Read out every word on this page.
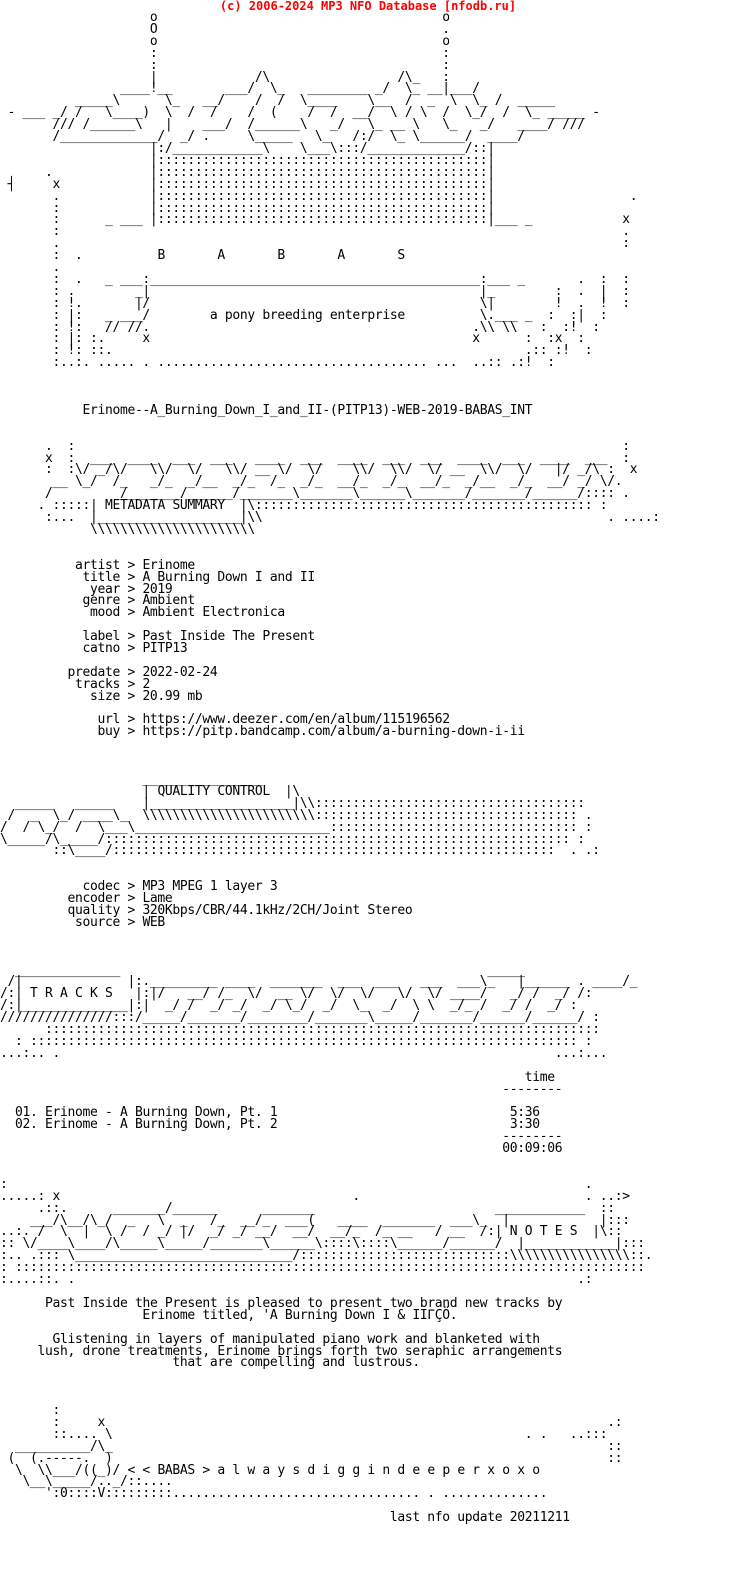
(c) 2006-2024 MP3 NFO Database [nfodb.ru]
o                                      o
O                                      .
o                                      o
:                                      :
:                                      :
|             /\                 /\_   :
____!__       ___/  \_   ________ _/  \_ __|___/
_____\      \_   __/    /  /  \____    \__  /  _  \  \_ /  _____
- ___ _/ /   \____)  \  /  /    /  (    /  /  __/  \ / \  /  \_/  /  \_ _____ -
/// /______\   |    ___/  /______\   _/   \_ __ \   \_   _/   ____/ ///
/_____________/  _/ .     \_____   \_   /:/  \_ \______/  ____/
|:/____________\    \___\:::/_____________/::|
|::::::::::::::::::::::::::::::::::::::::::::|
.             |::::::::::::::::::::::::::::::::::::::::::::|
┤     x            |::::::::::::::::::::::::::::::::::::::::::::|
.            |::::::::::::::::::::::::::::::::::::::::::::|                  .
:            |::::::::::::::::::::::::::::::::::::::::::::|
:      _ ___ |::::::::::::::::::::::::::::::::::::::::::::|___ _            x
:                                                                           .
.                                                                           :
:  .	B       A       B       A       S
.
:  .   _ ___:____________________________________________:___ _       .  :  :
: .        _|                                            |_        :  .  |  :
: !.       |/                                            \|        !  .  !  :
: |:   _ ___/	a pony breeding enterprise	\.___ _  :  :|  :
: !:   // //.                                           .\\ \\   :  :!  :
: |: :.     x                                           x      :  :x  :
: !: ::.                                                       .:: :!  :
:..:. ..... . .................................... ...  ..:: .:!  :

Erinome--A_Burning_Down_I_and_II-(PITP13)-WEB-2019-BABAS_INT

.  :                                                                         :
x  :  ___  ____  ___  ___   ____  ___  ____  ___  ___  ____  ___  ____  ___  :
:  :\/ _/\/   \\/  \/   \\/ __ \/  \/    \\/  \\/  \/ __  \\/  \/   |/ _/\ :  x
__ \_/  /_   _/_  _/__  _/_  /_  _/_  __/_  _/_  __/_  _/__  _/_  __/ _/ \/.
/         /_______/______/_______\_______\______\_______/_______/______/:::: .
. :::::| METADATA SUMMARY  |\::::::::::::::::::::::::::::::::::::::::::::: :
:...  |___________________|\\                                              . ....:
\\\\\\\\\\\\\\\\\\\\\\

artist > Erinome
title > A Burning Down I and II
year > 2019
genre > Ambient
mood > Ambient Electronica

label > Past Inside The Present
catno > PITP13

predate > 2022-02-24
tracks > 2
size > 20.99 mb

url > https://www.deezer.com/en/album/115196562
buy > https://pitp.bandcamp.com/album/a-burning-down-i-ii

________________
| QUALITY CONTROL  |\
_____   _____    |___________________|\\::::::::::::::::::::::::::::::::::::
/  _  \_/ ____\_  \\\\\\\\\\\\\\\\\\\\\\\::::::::::::::::::::::::::::::::::: .
/  / \_/  /  \___\__________________________::::::::::::::::::::::::::::::::: :
\_____/\_____/:::::::::::::::::::::::::::::::::::::::::::::::::::::::::::::: :
::\____/:::::::::::::::::::::::::::::::::::::::::::::::::::::::::::  . .:

codec > MP3 MPEG 1 layer 3
encoder > Lame
quality > 320Kbps/CBR/44.1kHz/2CH/Joint Stereo
source > WEB

______________                                                 _____
/|              |:._________ ____  _______  ___  ___   ___  ___\_   |______ . ____/_
/:| T R A C K S   |:|/   __/ /_  \/  __ \/  \/  \/   \/  \/ ____/   _/ /  _/ /:
/:|______________|:|  _/ /  _/ _/  _/ \_/  _/  \_  _/  \ \  _/_ /  _/ /  _/ :
///////////////:::/_____/_______/________/_______\_____/_______/______/______/ :
::::::::::::::::::::::::::::::::::::::::::::::::::::::::::::::::::::::::::
: ::::::::::::::::::::::::::::::::::::::::::::::::::::::::::::::::::::::::: :
...:.. .                                                                  ...:...

time
--------

01. Erinome - A Burning Down, Pt. 1	5:36
02. Erinome - A Burning Down, Pt. 2	3:30
--------
00:09:06

:                                                                             .
.....: x                                       .                              . ..:>
.::.      _______/______      _______                        ____________  ::
___/\__/\_/  _   \  _   /_  __/_  ___(   ____  _______  ___\_  |            |:::
..:. /  \  |  \ /  / _/ |/  _/ _/ __/  __/  __/_  /_ __   / __  /:| N O T E S  |\::
:: \/____\____/\_____\_____/_______\______\::::\::::\______/______/  |____________|:::
:.. .::: \_____________________________/::::::::::::::::::::::::::::\\\\\\\\\\\\\\\\::.
: ::::::::::::::::::::::::::::::::::::::::::::::::::::::::::::::::::::::::::::::::::::
:....::. .                                                                   .:

Past Inside the Present is pleased to present two brand new tracks by
Erinome titled, 'A Burning Down I & IIΓÇÖ.

Glistening in layers of manipulated piano work and blanketed with
lush, drone treatments, Erinome brings forth two seraphic arrangements
that are compelling and lustrous.

:
:     x                                                                   .:
::.... \                                                       . .   ..:::
__________/\_                                                                  ::
(  (.-----.  )                                                                  ::
\  \\___/((_)/ < < BABAS > a l w a y s d i g g i n d e e p e r x o x o
\__\_____/.._/::....
':0::::V:::::::::................................. . ..............

last nfo update 20211211
